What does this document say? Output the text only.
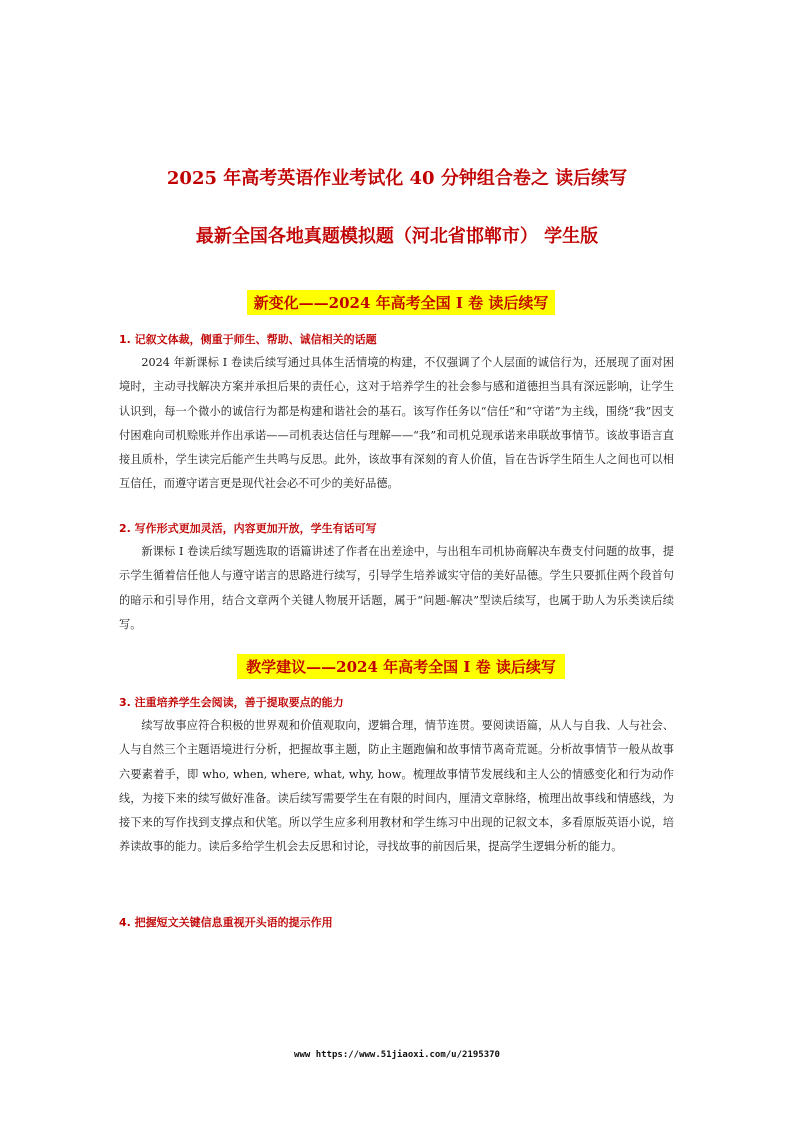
2025 年高考英语作业考试化 40 分钟组合卷之 读后续写
最新全国各地真题模拟题（河北省邯郸市） 学生版
新变化——2024 年高考全国 I 卷 读后续写
1. 记叙文体裁，侧重于师生、帮助、诚信相关的话题

2024 年新课标 I 卷读后续写通过具体生活情境的构建，不仅强调了个人层面的诚信行为，还展现了面对困境时，主动寻找解决方案并承担后果的责任心，这对于培养学生的社会参与感和道德担当具有深远影响，让学生认识到，每一个微小的诚信行为都是构建和谐社会的基石。该写作任务以“信任”和“守诺”为主线，围绕“我”因支付困难向司机赊账并作出承诺——司机表达信任与理解——“我”和司机兑现承诺来串联故事情节。该故事语言直接且质朴，学生读完后能产生共鸣与反思。此外，该故事有深刻的育人价值，旨在告诉学生陌生人之间也可以相互信任，而遵守诺言更是现代社会必不可少的美好品德。

2. 写作形式更加灵活，内容更加开放，学生有话可写

新课标 I 卷读后续写题选取的语篇讲述了作者在出差途中，与出租车司机协商解决车费支付问题的故事，提示学生循着信任他人与遵守诺言的思路进行续写，引导学生培养诚实守信的美好品德。学生只要抓住两个段首句的暗示和引导作用，结合文章两个关键人物展开话题，属于“问题-解决”型读后续写，也属于助人为乐类读后续写。

教学建议——2024 年高考全国 I 卷 读后续写
3. 注重培养学生会阅读，善于提取要点的能力

续写故事应符合积极的世界观和价值观取向，逻辑合理，情节连贯。要阅读语篇，从人与自我、人与社会、人与自然三个主题语境进行分析，把握故事主题，防止主题跑偏和故事情节离奇荒诞。分析故事情节一般从故事六要素着手，即 who, when, where, what, why, how。梳理故事情节发展线和主人公的情感变化和行为动作线，为接下来的续写做好准备。读后续写需要学生在有限的时间内，厘清文章脉络，梳理出故事线和情感线，为接下来的写作找到支撑点和伏笔。所以学生应多利用教材和学生练习中出现的记叙文本，多看原版英语小说，培养读故事的能力。读后多给学生机会去反思和讨论，寻找故事的前因后果，提高学生逻辑分析的能力。

4. 把握短文关键信息重视开头语的提示作用
www https://www.51jiaoxi.com/u/2195370
